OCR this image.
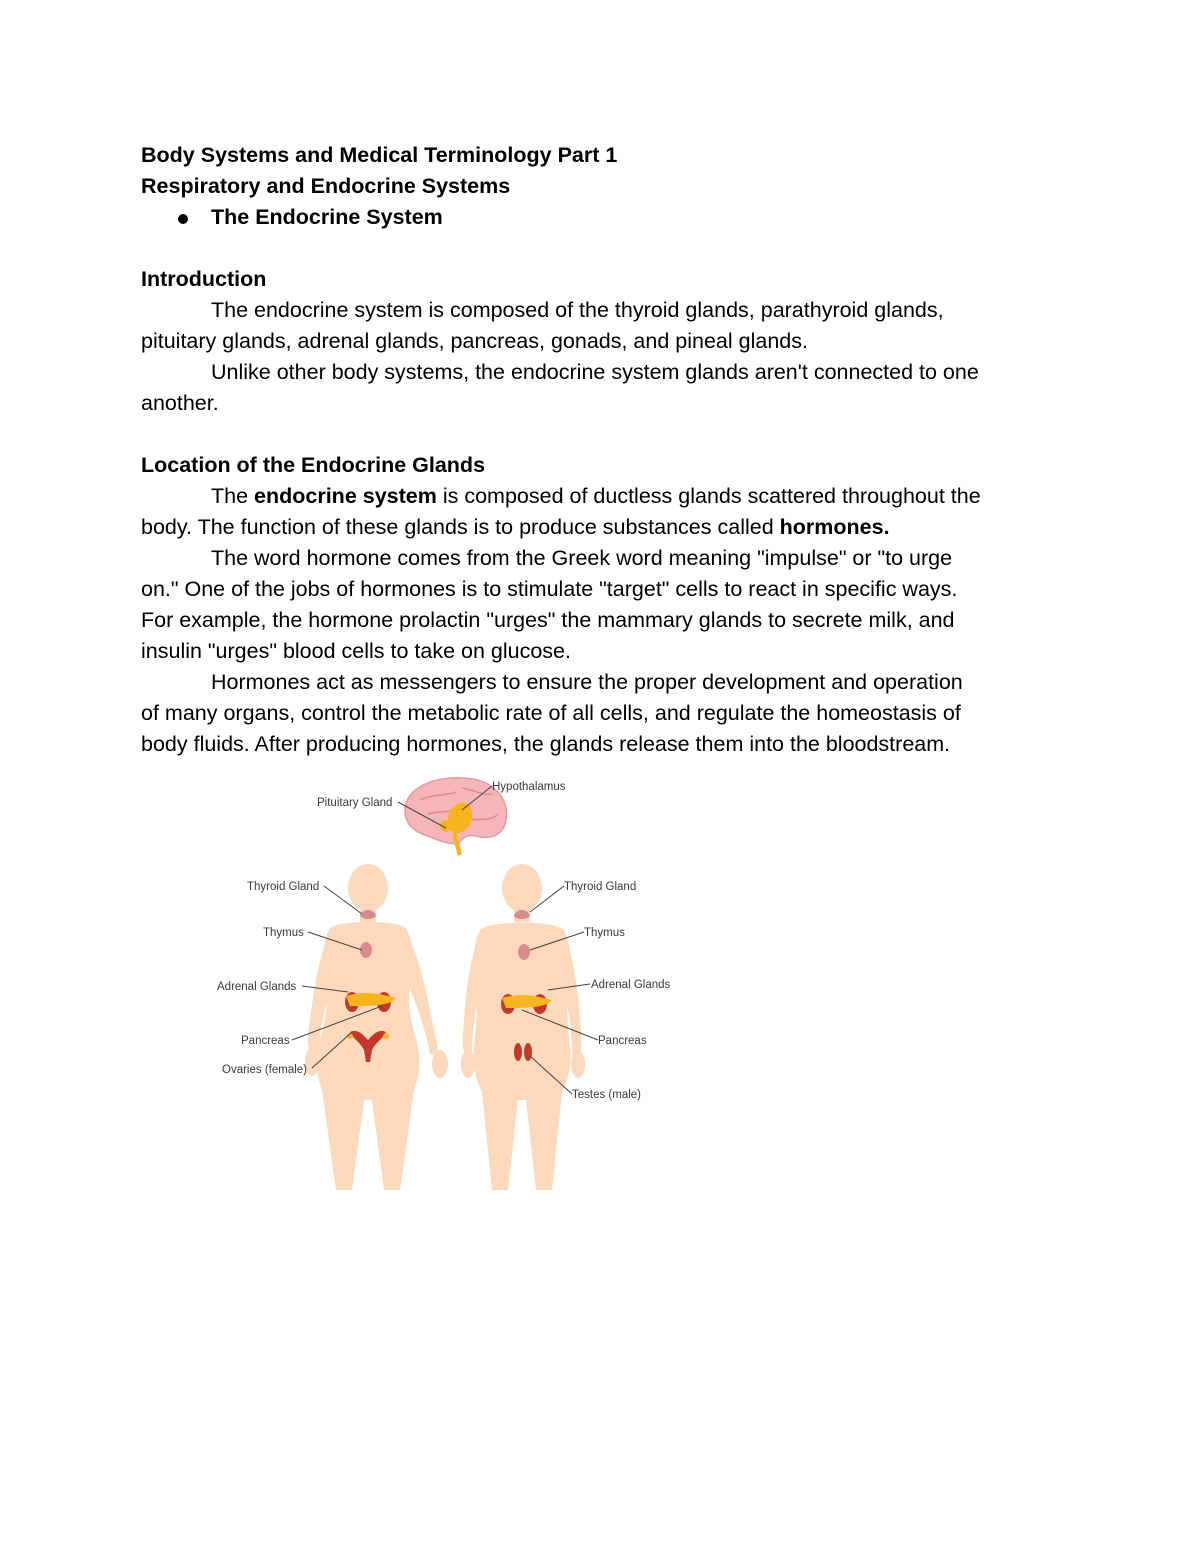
Body Systems and Medical Terminology Part 1
Respiratory and Endocrine Systems
The Endocrine System
Introduction
The endocrine system is composed of the thyroid glands, parathyroid glands,
pituitary glands, adrenal glands, pancreas, gonads, and pineal glands.
Unlike other body systems, the endocrine system glands aren't connected to one
another.
Location of the Endocrine Glands
The endocrine system is composed of ductless glands scattered throughout the
body. The function of these glands is to produce substances called hormones.
The word hormone comes from the Greek word meaning "impulse" or "to urge
on." One of the jobs of hormones is to stimulate "target" cells to react in specific ways.
For example, the hormone prolactin "urges" the mammary glands to secrete milk, and
insulin "urges" blood cells to take on glucose.
Hormones act as messengers to ensure the proper development and operation
of many organs, control the metabolic rate of all cells, and regulate the homeostasis of
body fluids. After producing hormones, the glands release them into the bloodstream.
Hypothalamus
Pituitary Gland
Thyroid Gland
Thymus
Adrenal Glands
Pancreas
Ovaries (female)
Thyroid Gland
Thymus
Adrenal Glands
Pancreas
Testes (male)
